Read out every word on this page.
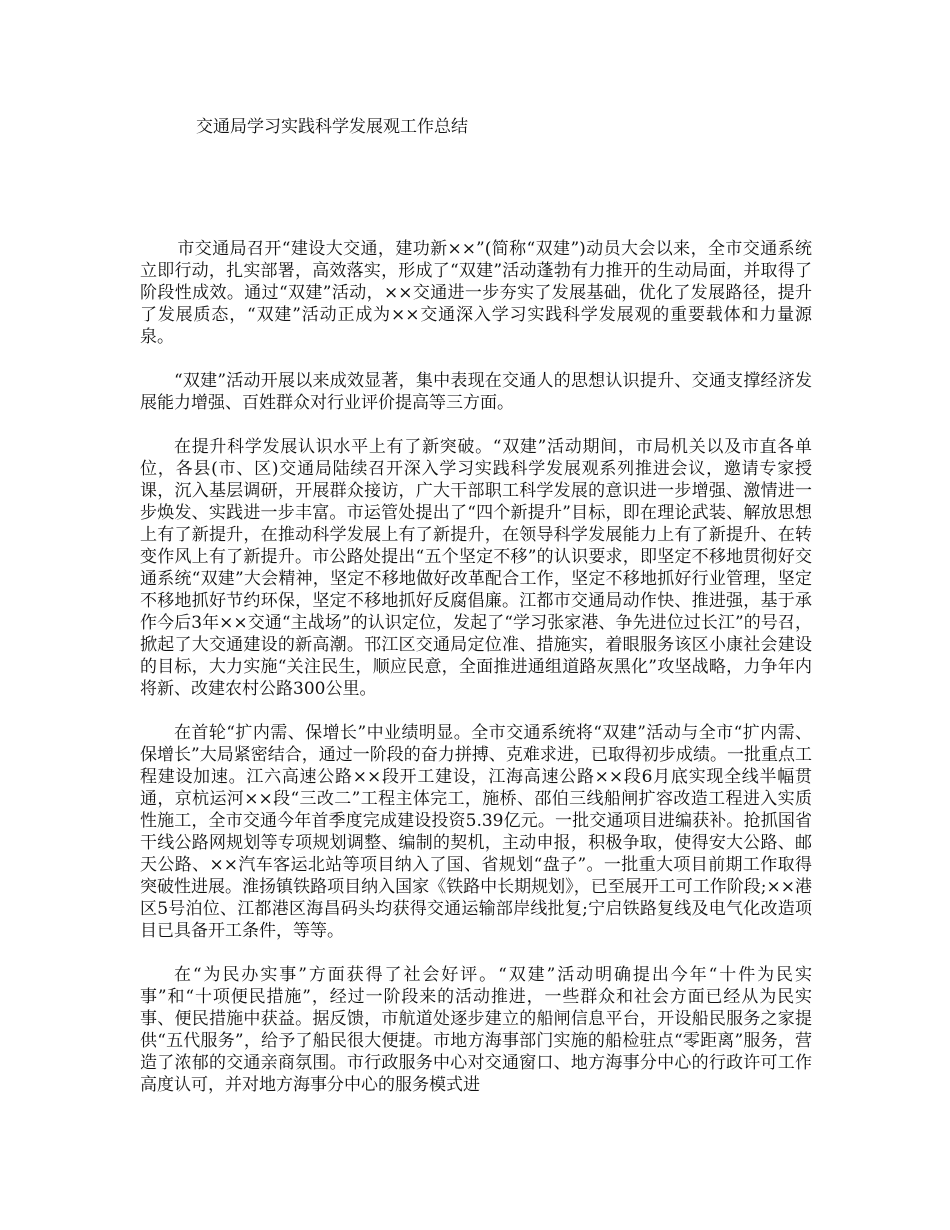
交通局学习实践科学发展观工作总结

市交通局召开“建设大交通，建功新××”(简称“双建”)动员大会以来，全市交通系统立即行动，扎实部署，高效落实，形成了“双建”活动蓬勃有力推开的生动局面，并取得了阶段性成效。通过“双建”活动，××交通进一步夯实了发展基础，优化了发展路径，提升了发展质态，“双建”活动正成为××交通深入学习实践科学发展观的重要载体和力量源泉。

“双建”活动开展以来成效显著，集中表现在交通人的思想认识提升、交通支撑经济发展能力增强、百姓群众对行业评价提高等三方面。

在提升科学发展认识水平上有了新突破。“双建”活动期间，市局机关以及市直各单位，各县(市、区)交通局陆续召开深入学习实践科学发展观系列推进会议，邀请专家授课，沉入基层调研，开展群众接访，广大干部职工科学发展的意识进一步增强、激情进一步焕发、实践进一步丰富。市运管处提出了“四个新提升”目标，即在理论武装、解放思想上有了新提升，在推动科学发展上有了新提升，在领导科学发展能力上有了新提升、在转变作风上有了新提升。市公路处提出“五个坚定不移”的认识要求，即坚定不移地贯彻好交通系统“双建”大会精神，坚定不移地做好改革配合工作，坚定不移地抓好行业管理，坚定不移地抓好节约环保，坚定不移地抓好反腐倡廉。江都市交通局动作快、推进强，基于承作今后3年××交通“主战场”的认识定位，发起了“学习张家港、争先进位过长江”的号召，掀起了大交通建设的新高潮。邗江区交通局定位准、措施实，着眼服务该区小康社会建设的目标，大力实施“关注民生，顺应民意，全面推进通组道路灰黑化”攻坚战略，力争年内将新、改建农村公路300公里。

在首轮“扩内需、保增长”中业绩明显。全市交通系统将“双建”活动与全市“扩内需、保增长”大局紧密结合，通过一阶段的奋力拼搏、克难求进，已取得初步成绩。一批重点工程建设加速。江六高速公路××段开工建设，江海高速公路××段6月底实现全线半幅贯通，京杭运河××段“三改二”工程主体完工，施桥、邵伯三线船闸扩容改造工程进入实质性施工，全市交通今年首季度完成建设投资5.39亿元。一批交通项目进编获补。抢抓国省干线公路网规划等专项规划调整、编制的契机，主动申报，积极争取，使得安大公路、邮天公路、××汽车客运北站等项目纳入了国、省规划“盘子”。一批重大项目前期工作取得突破性进展。淮扬镇铁路项目纳入国家《铁路中长期规划》，已至展开工可工作阶段;××港区5号泊位、江都港区海昌码头均获得交通运输部岸线批复;宁启铁路复线及电气化改造项目已具备开工条件，等等。

在“为民办实事”方面获得了社会好评。“双建”活动明确提出今年“十件为民实事”和“十项便民措施”，经过一阶段来的活动推进，一些群众和社会方面已经从为民实事、便民措施中获益。据反馈，市航道处逐步建立的船闸信息平台，开设船民服务之家提供“五代服务”，给予了船民很大便捷。市地方海事部门实施的船检驻点“零距离”服务，营造了浓郁的交通亲商氛围。市行政服务中心对交通窗口、地方海事分中心的行政许可工作高度认可，并对地方海事分中心的服务模式进
